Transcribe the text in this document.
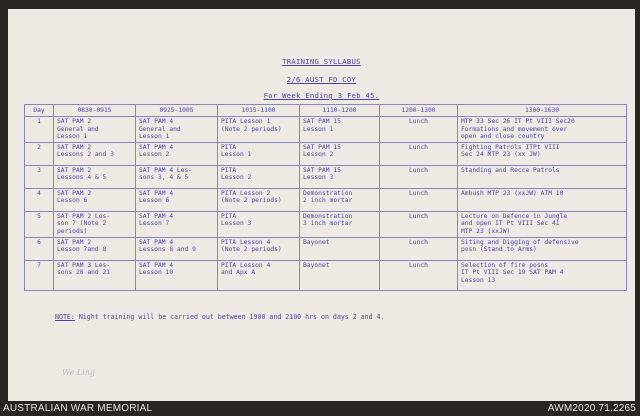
TRAINING SYLLABUS
2/6 AUST FD COY
For Week Ending 3 Feb 45.
Day	0830-0915	0925-1005	1015-1100	1110-1200	1200-1300	1300-1630
1	SAT PAM 2
General and
Lesson 1	SAT PAM 4
General and
Lesson 1	PITA Lesson 1
(Note 2 periods)	SAT PAM 15
Lesson 1	Lunch	MTP 33 Sec 26 IT Pt VIII Sec20
Formations and movement over
open and close country
2	SAT PAM 2
Lessons 2 and 3	SAT PAM 4
Lesson 2	PITA
Lesson 1	SAT PAM 15
Lesson 2	Lunch	Fighting Patrols ITPt VIII
Sec 24 MTP 23 (xx JW)
3	SAT PAM 2
Lessons 4 & 5	SAT PAM 4 Les-
sons 3, 4 & 5	PITA
Lesson 2	SAT PAM 15
Lesson 3	Lunch	Standing and Recce Patrols
4	SAT PAM 2
Lesson 6	SAT PAM 4
Lesson 6	PITA Lesson 2
(Note 2 periods)	Demonstration
2 inch mortar	Lunch	Ambush MTP 23 (xxJW) ATM 10
5	SAT PAM 2 Les-
son 7 (Note 2
periods)	SAT PAM 4
Lesson 7	PITA
Lesson 3	Demonstration
3 inch mortar	Lunch	Lecture on Defence in Jungle
and open IT Pt VIII Sec 41
MTP 23 (xxJW)
6	SAT PAM 2
Lesson 7and 8	SAT PAM 4
Lessons 8 and 9	PITA Lesson 4
(Note 2 periods)	Bayonet	Lunch	Siting and Digging of defensive
posn (Stand to Arms)
7	SAT PAM 3 Les-
sons 20 and 21	SAT PAM 4
Lesson 10	PITA Lesson 4
and Apx A	Bayonet	Lunch	Selection of fire posns
IT Pt VIII Sec 19 SAT PAM 4
Lesson 13
NOTE: Night training will be carried out between 1900 and 2100 hrs on days 2 and 4.
We Ling
AUSTRALIAN WAR MEMORIAL	AWM2020.71.2265
